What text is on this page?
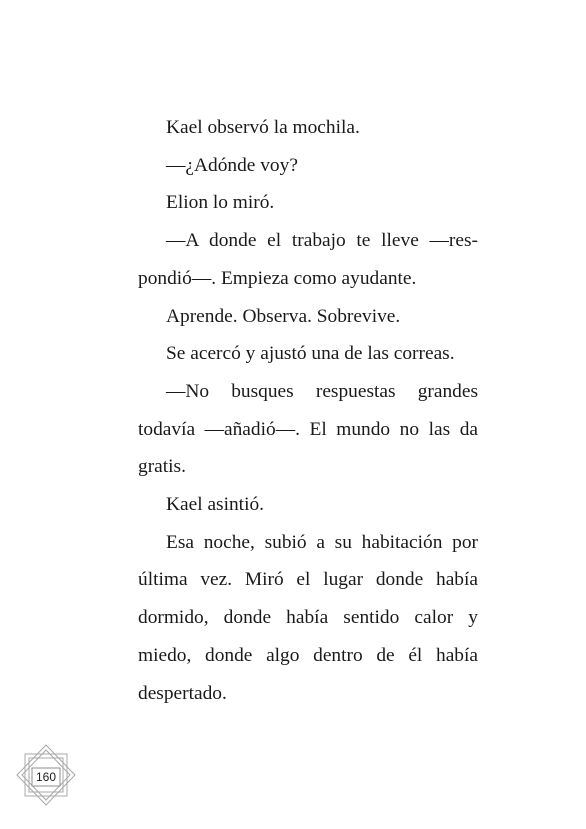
Kael observó la mochila.

—¿Adónde voy?

Elion lo miró.

—A donde el trabajo te lleve —res-

pondió—. Empieza como ayudante.

Aprende. Observa. Sobrevive.

Se acercó y ajustó una de las correas.

—No busques respuestas grandes

todavía —añadió—. El mundo no las da
gratis.

Kael asintió.

Esa noche, subió a su habitación por

última vez. Miró el lugar donde había
dormido, donde había sentido calor y
miedo, donde algo dentro de él había
despertado.
160
